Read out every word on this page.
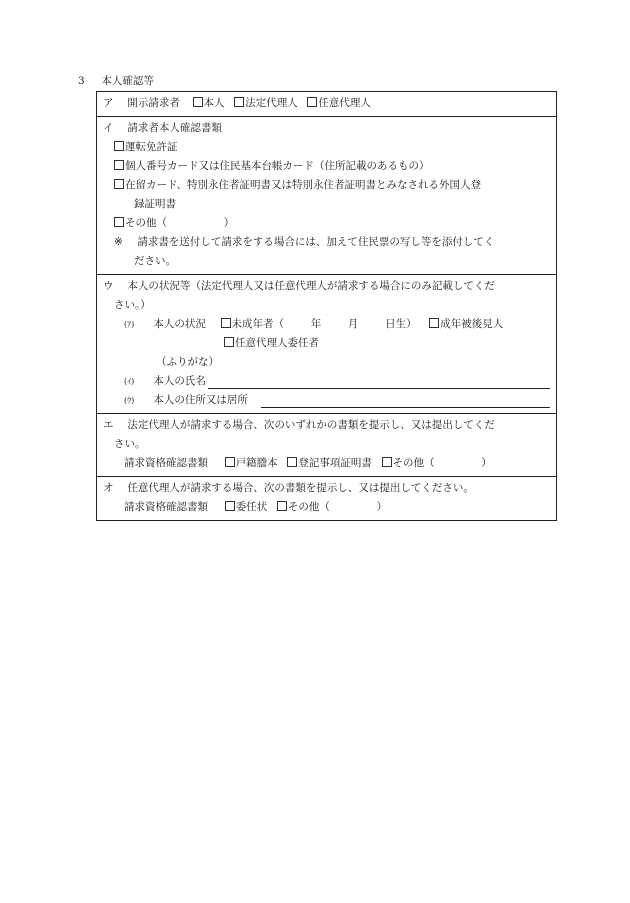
3 本人確認等
ア 開示請求者 本人 法定代理人 任意代理人
イ 請求者本人確認書類
運転免許証
個人番号カード又は住民基本台帳カード（住所記載のあるもの）
在留カード、特別永住者証明書又は特別永住者証明書とみなされる外国人登
録証明書
その他（	）
※ 請求書を送付して請求をする場合には、加えて住民票の写し等を添付してく
ださい。
ウ 本人の状況等（法定代理人又は任意代理人が請求する場合にのみ記載してくだ
さい。）
(ｱ) 本人の状況 未成年者（	年	月	日生） 成年被後見人
任意代理人委任者
（ふりがな）
(ｲ) 本人の氏名
(ｳ) 本人の住所又は居所
エ 法定代理人が請求する場合、次のいずれかの書類を提示し、又は提出してくだ
さい。
請求資格確認書類	戸籍謄本 登記事項証明書 その他（	）
オ 任意代理人が請求する場合、次の書類を提示し、又は提出してください。
請求資格確認書類	委任状 その他（	）
